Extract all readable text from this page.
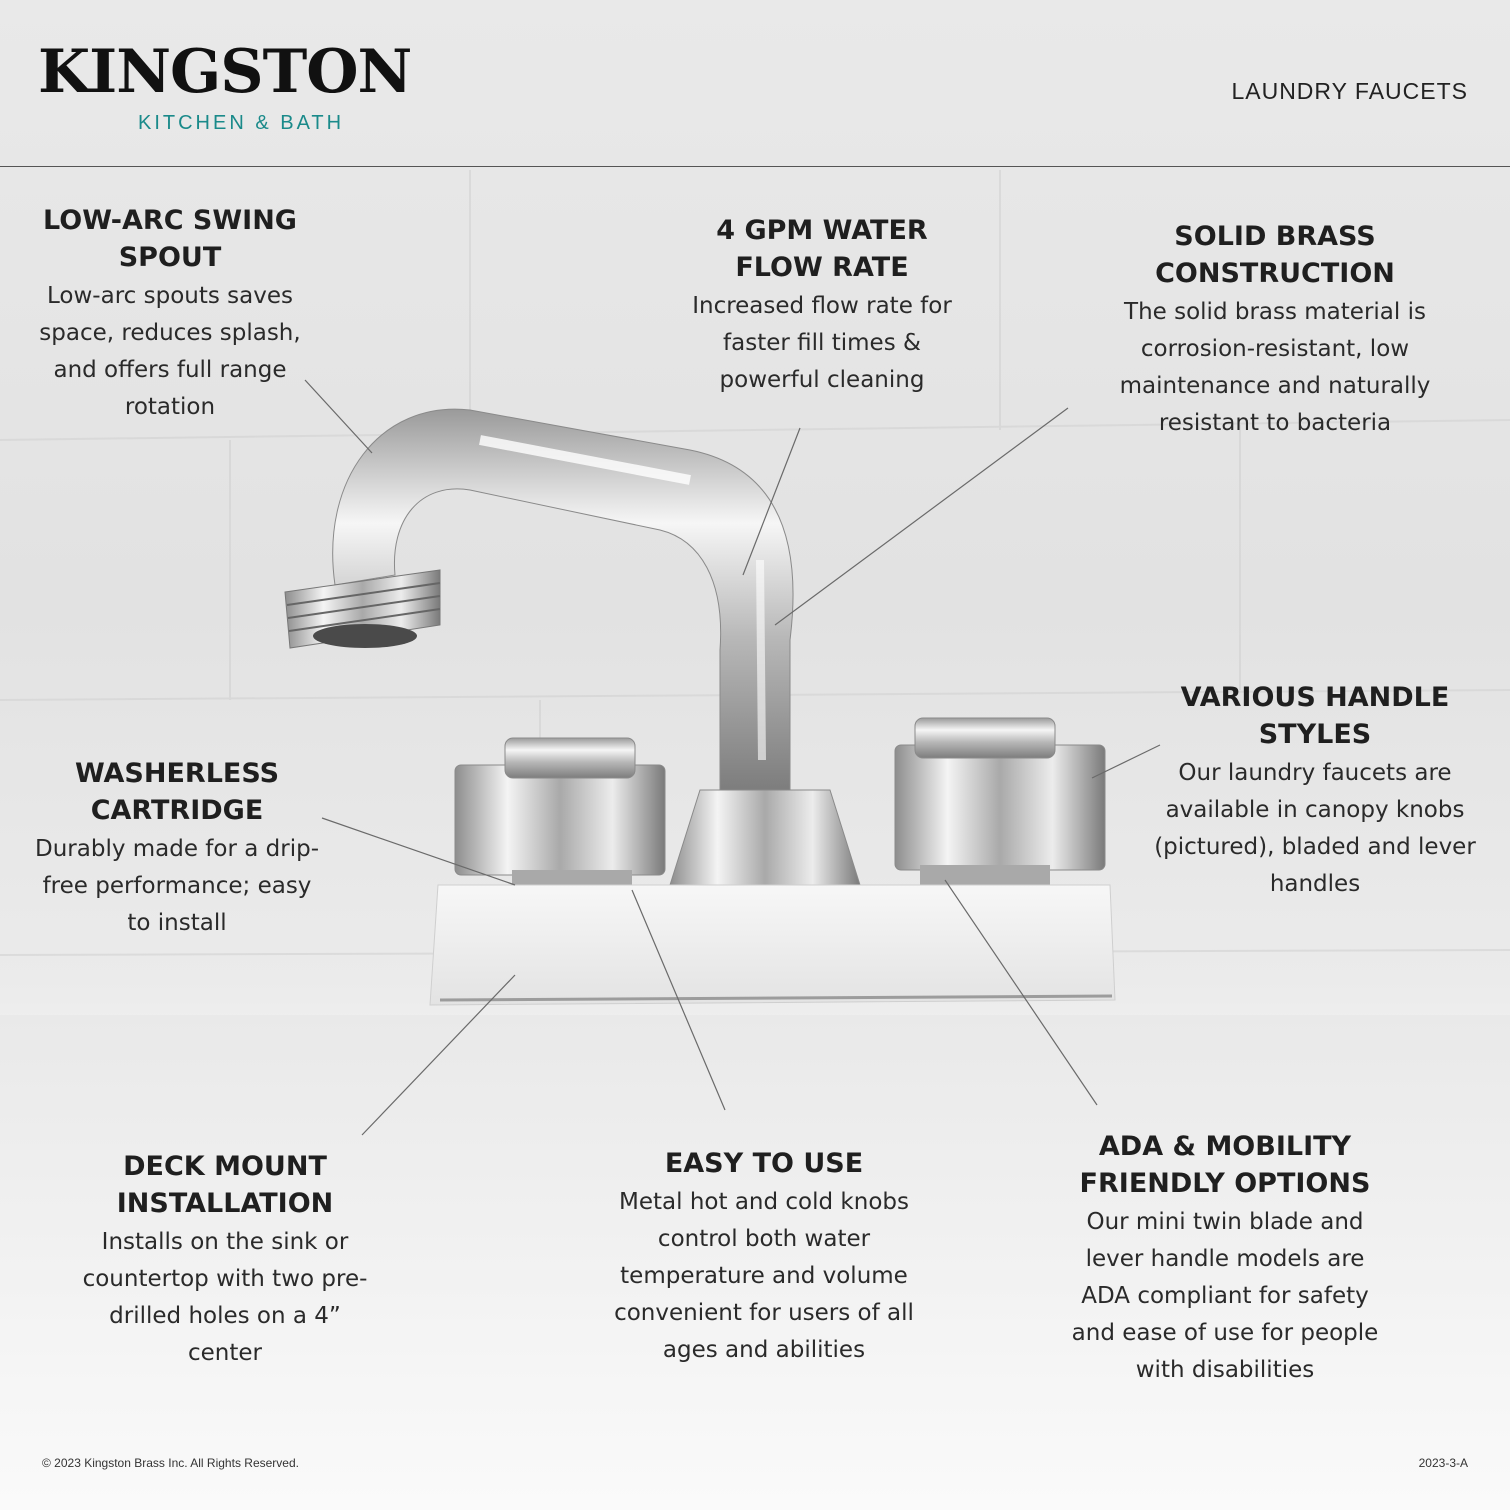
KINGSTON
KITCHEN & BATH
LAUNDRY FAUCETS
LOW-ARC SWING SPOUT

Low-arc spouts saves space, reduces splash, and offers full range rotation

4 GPM WATER FLOW RATE

Increased flow rate for faster fill times & powerful cleaning

SOLID BRASS CONSTRUCTION

The solid brass material is corrosion-resistant, low maintenance and naturally resistant to bacteria

WASHERLESS CARTRIDGE

Durably made for a drip-free performance; easy to install

VARIOUS HANDLE STYLES

Our laundry faucets are available in canopy knobs (pictured), bladed and lever handles

DECK MOUNT INSTALLATION

Installs on the sink or countertop with two pre-drilled holes on a 4” center

EASY TO USE

Metal hot and cold knobs control both water temperature and volume convenient for users of all ages and abilities

ADA & MOBILITY FRIENDLY OPTIONS

Our mini twin blade and lever handle models are ADA compliant for safety and ease of use for people with disabilities

© 2023 Kingston Brass Inc. All Rights Reserved.	2023-3-A
